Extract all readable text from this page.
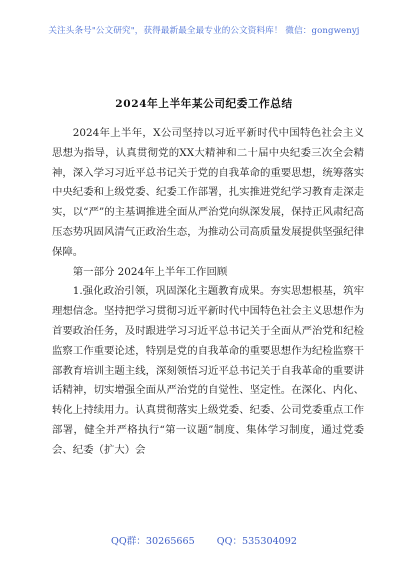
关注头条号"公文研究"，获得最新最全最专业的公文资料库！ 微信：gongwenyj
2024年上半年某公司纪委工作总结

2024年上半年，X公司坚持以习近平新时代中国特色社会主义思想为指导，认真贯彻党的XX大精神和二十届中央纪委三次全会精神，深入学习习近平总书记关于党的自我革命的重要思想，统筹落实中央纪委和上级党委、纪委工作部署，扎实推进党纪学习教育走深走实，以“严”的主基调推进全面从严治党向纵深发展，保持正风肃纪高压态势巩固风清气正政治生态，为推动公司高质量发展提供坚强纪律保障。

第一部分 2024年上半年工作回顾

1.强化政治引领，巩固深化主题教育成果。夯实思想根基，筑牢理想信念。坚持把学习贯彻习近平新时代中国特色社会主义思想作为首要政治任务，及时跟进学习习近平总书记关于全面从严治党和纪检监察工作重要论述，特别是党的自我革命的重要思想作为纪检监察干部教育培训主题主线，深刻领悟习近平总书记关于自我革命的重要讲话精神，切实增强全面从严治党的自觉性、坚定性。在深化、内化、转化上持续用力。认真贯彻落实上级党委、纪委、公司党委重点工作部署，健全并严格执行“第一议题”制度、集体学习制度，通过党委会、纪委（扩大）会

QQ群：30265665 QQ：535304092
